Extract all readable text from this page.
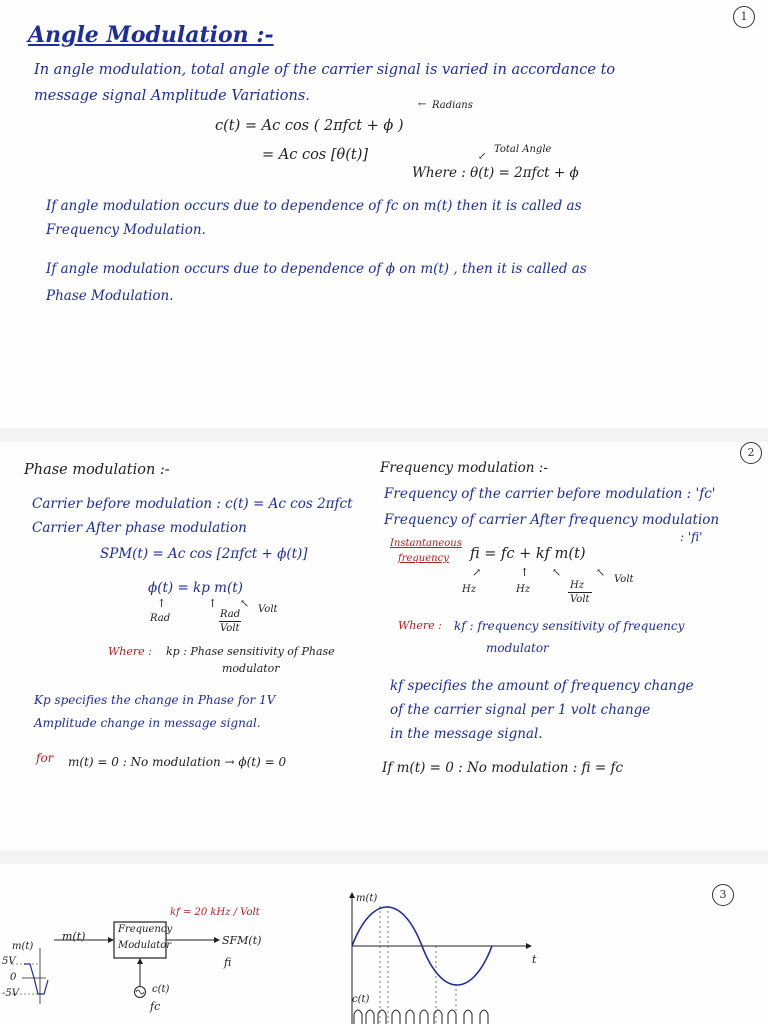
1
Angle Modulation :-
In angle modulation, total angle of the carrier signal is varied in accordance to
message signal Amplitude Variations.
Radians
←
c(t) = Ac cos ( 2πfct + ϕ )
= Ac cos [θ(t)]	Total Angle
↙
Where : θ(t) = 2πfct + ϕ
If angle modulation occurs due to dependence of fc on m(t) then it is called as
Frequency Modulation.
If angle modulation occurs due to dependence of ϕ on m(t) , then it is called as
Phase Modulation.
2
Phase modulation :-
Carrier before modulation : c(t) = Ac cos 2πfct
Carrier After phase modulation
SPM(t) = Ac cos [2πfct + ϕ(t)]
ϕ(t) = kp m(t)
↑	↑ ↖
Rad	Rad
Volt
Volt
Where : kp : Phase sensitivity of Phase
modulator
Kp specifies the change in Phase for 1V
Amplitude change in message signal.
for m(t) = 0 : No modulation → ϕ(t) = 0
Frequency modulation :-
Frequency of the carrier before modulation : 'fc'
Frequency of carrier After frequency modulation
: 'fi'
Instantaneous
frequency fi = fc + kf m(t)
↗	↑ ↖	↖
Hz	Hz	Hz
Volt
Volt
Where : kf : frequency sensitivity of frequency
modulator
kf specifies the amount of frequency change
of the carrier signal per 1 volt change
in the message signal.
If m(t) = 0 : No modulation : fi = fc
3
kf = 20 kHz / Volt
m(t)
m(t)
5V
0
-5V
Frequency
Modulator	SFM(t)
fi
c(t)
fc
m(t)
t
c(t)
